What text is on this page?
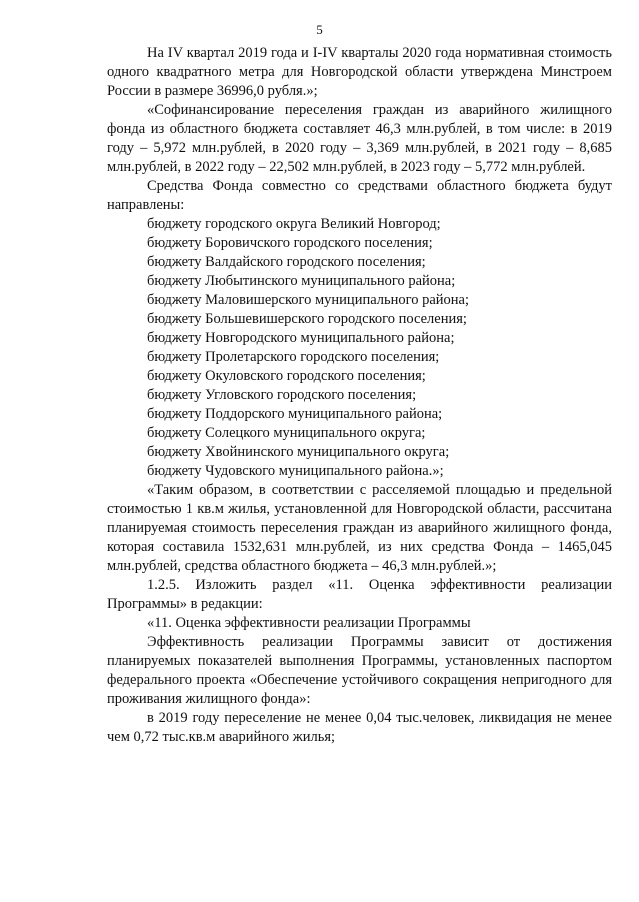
5

На IV квартал 2019 года и I-IV кварталы 2020 года нормативная стоимость одного квадратного метра для Новгородской области утверждена Минстроем России в размере 36996,0 рубля.»;

«Софинансирование переселения граждан из аварийного жилищного фонда из областного бюджета составляет 46,3 млн.рублей, в том числе: в 2019 году – 5,972 млн.рублей, в 2020 году – 3,369 млн.рублей, в 2021 году – 8,685 млн.рублей, в 2022 году – 22,502 млн.рублей, в 2023 году – 5,772 млн.рублей.

Средства Фонда совместно со средствами областного бюджета будут направлены:

бюджету городского округа Великий Новгород;

бюджету Боровичского городского поселения;

бюджету Валдайского городского поселения;

бюджету Любытинского муниципального района;

бюджету Маловишерского муниципального района;

бюджету Большевишерского городского поселения;

бюджету Новгородского муниципального района;

бюджету Пролетарского городского поселения;

бюджету Окуловского городского поселения;

бюджету Угловского городского поселения;

бюджету Поддорского муниципального района;

бюджету Солецкого муниципального округа;

бюджету Хвойнинского муниципального округа;

бюджету Чудовского муниципального района.»;

«Таким образом, в соответствии с расселяемой площадью и предельной стоимостью 1 кв.м жилья, установленной для Новгородской области, рассчитана планируемая стоимость переселения граждан из аварийного жилищного фонда, которая составила 1532,631 млн.рублей, из них средства Фонда – 1465,045 млн.рублей, средства областного бюджета – 46,3 млн.рублей.»;

1.2.5. Изложить раздел «11. Оценка эффективности реализации Программы» в редакции:

«11. Оценка эффективности реализации Программы

Эффективность реализации Программы зависит от достижения планируемых показателей выполнения Программы, установленных паспортом федерального проекта «Обеспечение устойчивого сокращения непригодного для проживания жилищного фонда»:

в 2019 году переселение не менее 0,04 тыс.человек, ликвидация не менее чем 0,72 тыс.кв.м аварийного жилья;
